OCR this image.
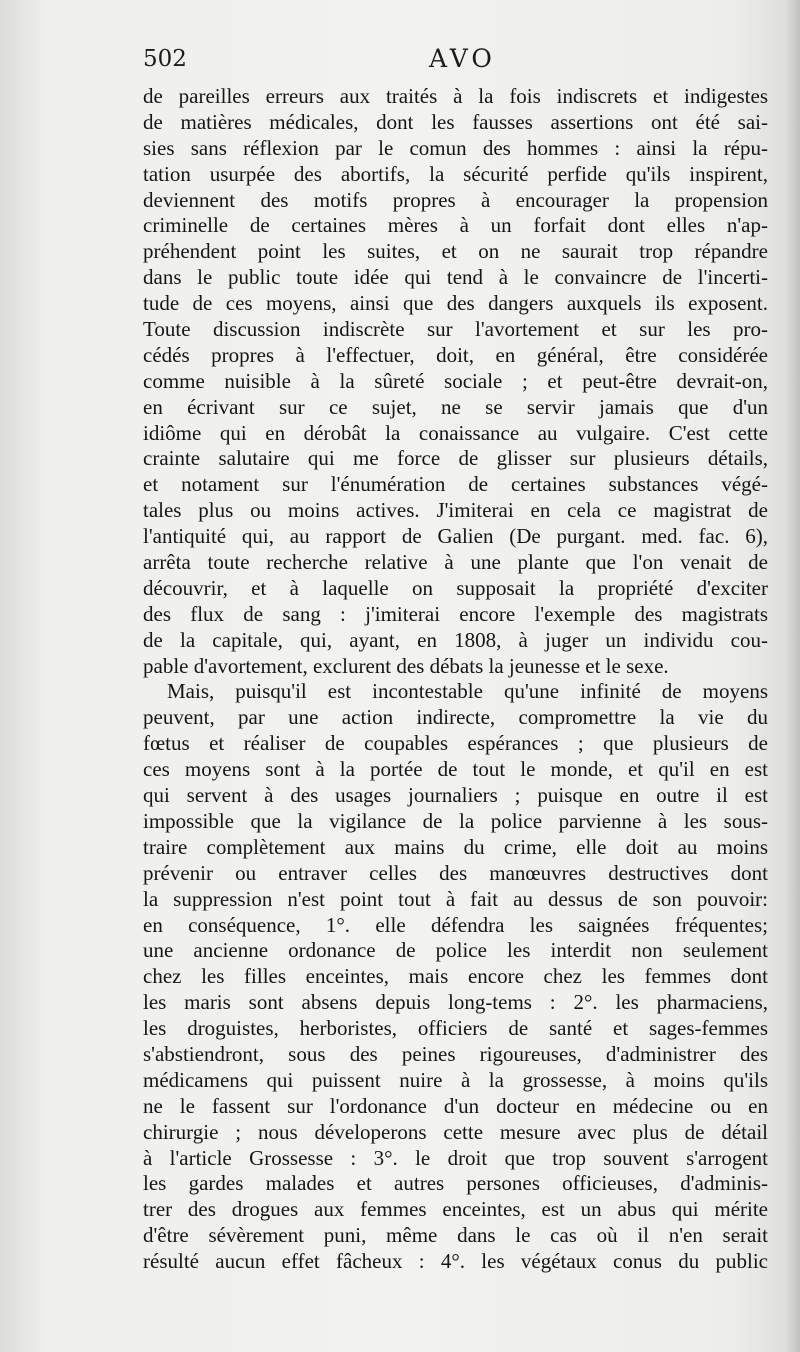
502	AVO
de pareilles erreurs aux traités à la fois indiscrets et indigestes
de matières médicales, dont les fausses assertions ont été sai-
sies sans réflexion par le comun des hommes : ainsi la répu-
tation usurpée des abortifs, la sécurité perfide qu'ils inspirent,
deviennent des motifs propres à encourager la propension
criminelle de certaines mères à un forfait dont elles n'ap-
préhendent point les suites, et on ne saurait trop répandre
dans le public toute idée qui tend à le convaincre de l'incerti-
tude de ces moyens, ainsi que des dangers auxquels ils exposent.
Toute discussion indiscrète sur l'avortement et sur les pro-
cédés propres à l'effectuer, doit, en général, être considérée
comme nuisible à la sûreté sociale ; et peut-être devrait-on,
en écrivant sur ce sujet, ne se servir jamais que d'un
idiôme qui en dérobât la conaissance au vulgaire. C'est cette
crainte salutaire qui me force de glisser sur plusieurs détails,
et notament sur l'énumération de certaines substances végé-
tales plus ou moins actives. J'imiterai en cela ce magistrat de
l'antiquité qui, au rapport de Galien (De purgant. med. fac. 6),
arrêta toute recherche relative à une plante que l'on venait de
découvrir, et à laquelle on supposait la propriété d'exciter
des flux de sang : j'imiterai encore l'exemple des magistrats
de la capitale, qui, ayant, en 1808, à juger un individu cou-
pable d'avortement, exclurent des débats la jeunesse et le sexe.
Mais, puisqu'il est incontestable qu'une infinité de moyens
peuvent, par une action indirecte, compromettre la vie du
fœtus et réaliser de coupables espérances ; que plusieurs de
ces moyens sont à la portée de tout le monde, et qu'il en est
qui servent à des usages journaliers ; puisque en outre il est
impossible que la vigilance de la police parvienne à les sous-
traire complètement aux mains du crime, elle doit au moins
prévenir ou entraver celles des manœuvres destructives dont
la suppression n'est point tout à fait au dessus de son pouvoir:
en conséquence, 1°. elle défendra les saignées fréquentes;
une ancienne ordonance de police les interdit non seulement
chez les filles enceintes, mais encore chez les femmes dont
les maris sont absens depuis long-tems : 2°. les pharmaciens,
les droguistes, herboristes, officiers de santé et sages-femmes
s'abstiendront, sous des peines rigoureuses, d'administrer des
médicamens qui puissent nuire à la grossesse, à moins qu'ils
ne le fassent sur l'ordonance d'un docteur en médecine ou en
chirurgie ; nous déveloperons cette mesure avec plus de détail
à l'article Grossesse : 3°. le droit que trop souvent s'arrogent
les gardes malades et autres persones officieuses, d'adminis-
trer des drogues aux femmes enceintes, est un abus qui mérite
d'être sévèrement puni, même dans le cas où il n'en serait
résulté aucun effet fâcheux : 4°. les végétaux conus du public
